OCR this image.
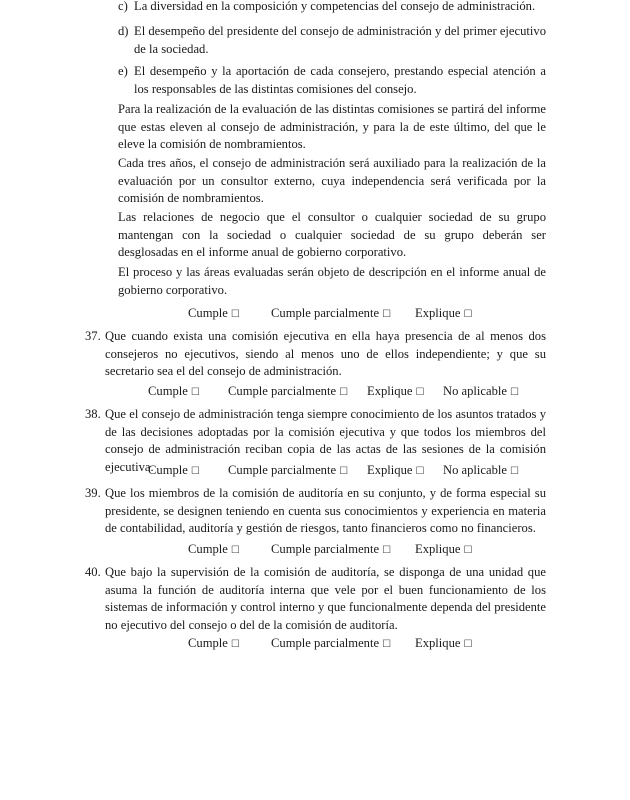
c) La diversidad en la composición y competencias del consejo de administración.
d) El desempeño del presidente del consejo de administración y del primer ejecutivo de la sociedad.
e) El desempeño y la aportación de cada consejero, prestando especial atención a los responsables de las distintas comisiones del consejo.
Para la realización de la evaluación de las distintas comisiones se partirá del informe que estas eleven al consejo de administración, y para la de este último, del que le eleve la comisión de nombramientos.
Cada tres años, el consejo de administración será auxiliado para la realización de la evaluación por un consultor externo, cuya independencia será verificada por la comisión de nombramientos.
Las relaciones de negocio que el consultor o cualquier sociedad de su grupo mantengan con la sociedad o cualquier sociedad de su grupo deberán ser desglosadas en el informe anual de gobierno corporativo.
El proceso y las áreas evaluadas serán objeto de descripción en el informe anual de gobierno corporativo.
Cumple ☐ Cumple parcialmente ☐ Explique ☐
37. Que cuando exista una comisión ejecutiva en ella haya presencia de al menos dos consejeros no ejecutivos, siendo al menos uno de ellos independiente; y que su secretario sea el del consejo de administración.
Cumple ☐ Cumple parcialmente ☐ Explique ☐ No aplicable ☐
38. Que el consejo de administración tenga siempre conocimiento de los asuntos tratados y de las decisiones adoptadas por la comisión ejecutiva y que todos los miembros del consejo de administración reciban copia de las actas de las sesiones de la comisión ejecutiva.
Cumple ☐ Cumple parcialmente ☐ Explique ☐ No aplicable ☐
39. Que los miembros de la comisión de auditoría en su conjunto, y de forma especial su presidente, se designen teniendo en cuenta sus conocimientos y experiencia en materia de contabilidad, auditoría y gestión de riesgos, tanto financieros como no financieros.
Cumple ☐ Cumple parcialmente ☐ Explique ☐
40. Que bajo la supervisión de la comisión de auditoría, se disponga de una unidad que asuma la función de auditoría interna que vele por el buen funcionamiento de los sistemas de información y control interno y que funcionalmente dependa del presidente no ejecutivo del consejo o del de la comisión de auditoría.
Cumple ☐ Cumple parcialmente ☐ Explique ☐
